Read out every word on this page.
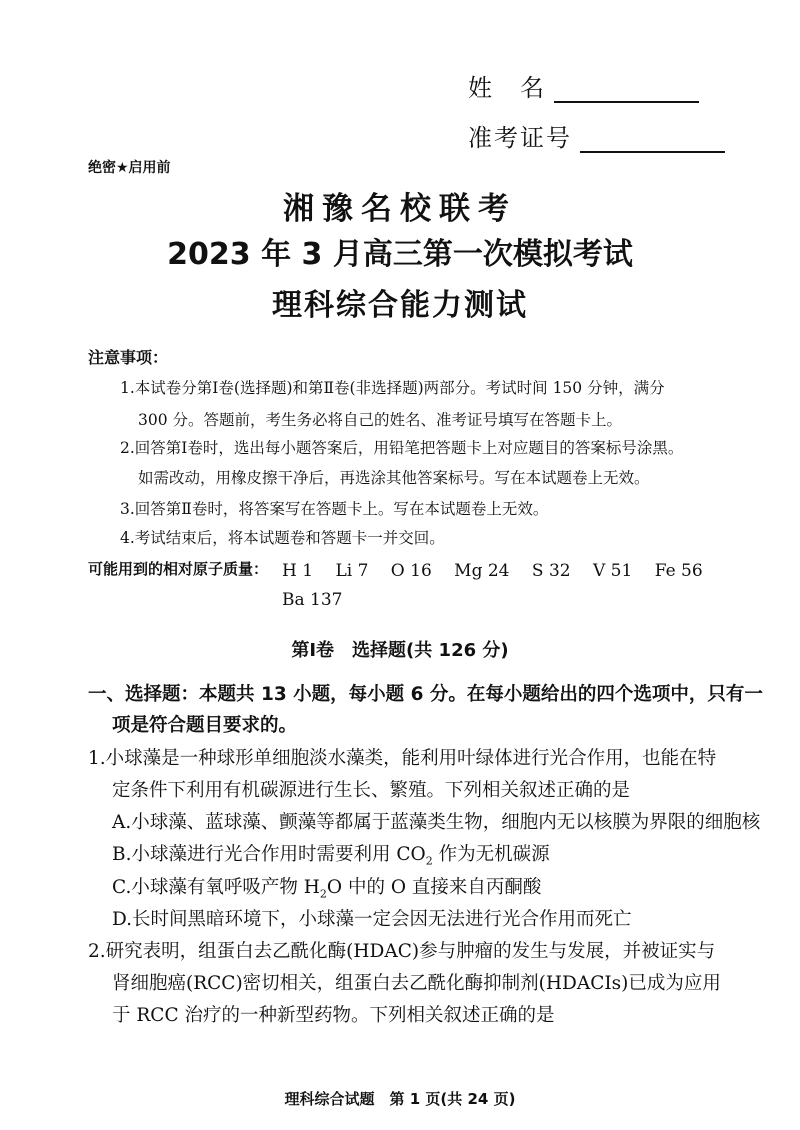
姓　名
准考证号
绝密★启用前
湘豫名校联考
2023 年 3 月高三第一次模拟考试
理科综合能力测试
注意事项：
1.本试卷分第Ⅰ卷(选择题)和第Ⅱ卷(非选择题)两部分。考试时间 150 分钟，满分
300 分。答题前，考生务必将自己的姓名、准考证号填写在答题卡上。
2.回答第Ⅰ卷时，选出每小题答案后，用铅笔把答题卡上对应题目的答案标号涂黑。
如需改动，用橡皮擦干净后，再选涂其他答案标号。写在本试题卷上无效。
3.回答第Ⅱ卷时，将答案写在答题卡上。写在本试题卷上无效。
4.考试结束后，将本试题卷和答题卡一并交回。
可能用到的相对原子质量： H 1　 Li 7　 O 16　 Mg 24　 S 32　 V 51　 Fe 56
Ba 137
第Ⅰ卷　选择题(共 126 分)
一、选择题：本题共 13 小题，每小题 6 分。在每小题给出的四个选项中，只有一
项是符合题目要求的。
1.小球藻是一种球形单细胞淡水藻类，能利用叶绿体进行光合作用，也能在特
定条件下利用有机碳源进行生长、繁殖。下列相关叙述正确的是
A.小球藻、蓝球藻、颤藻等都属于蓝藻类生物，细胞内无以核膜为界限的细胞核
B.小球藻进行光合作用时需要利用 $CO_2$ 作为无机碳源
C.小球藻有氧呼吸产物 $H_2O$ 中的 O 直接来自丙酮酸
D.长时间黑暗环境下，小球藻一定会因无法进行光合作用而死亡
2.研究表明，组蛋白去乙酰化酶(HDAC)参与肿瘤的发生与发展，并被证实与
肾细胞癌(RCC)密切相关，组蛋白去乙酰化酶抑制剂(HDACIs)已成为应用
于 RCC 治疗的一种新型药物。下列相关叙述正确的是
理科综合试题　第 1 页(共 24 页)
